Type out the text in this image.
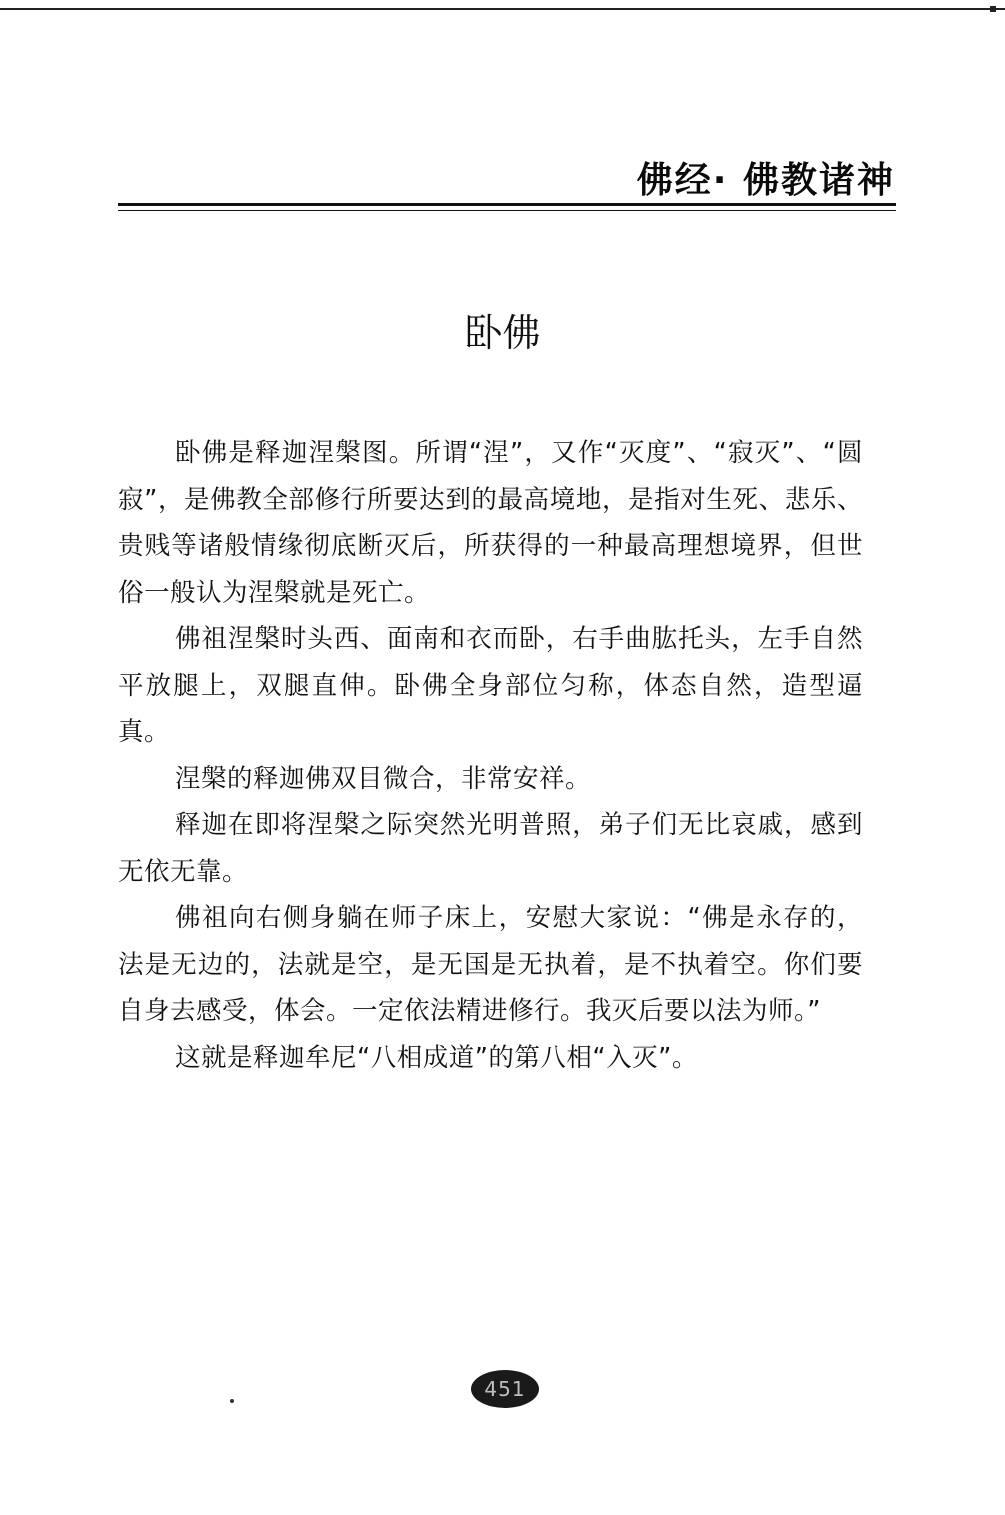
佛经· 佛教诸神
卧佛

卧佛是释迦涅槃图。所谓“涅”，又作“灭度”、“寂灭”、“圆寂”，是佛教全部修行所要达到的最高境地，是指对生死、悲乐、贵贱等诸般情缘彻底断灭后，所获得的一种最高理想境界，但世俗一般认为涅槃就是死亡。

佛祖涅槃时头西、面南和衣而卧，右手曲肱托头，左手自然平放腿上，双腿直伸。卧佛全身部位匀称，体态自然，造型逼真。

涅槃的释迦佛双目微合，非常安祥。

释迦在即将涅槃之际突然光明普照，弟子们无比哀戚，感到无依无靠。

佛祖向右侧身躺在师子床上，安慰大家说：“佛是永存的，法是无边的，法就是空，是无国是无执着，是不执着空。你们要自身去感受，体会。一定依法精进修行。我灭后要以法为师。”

这就是释迦牟尼“八相成道”的第八相“入灭”。

451
